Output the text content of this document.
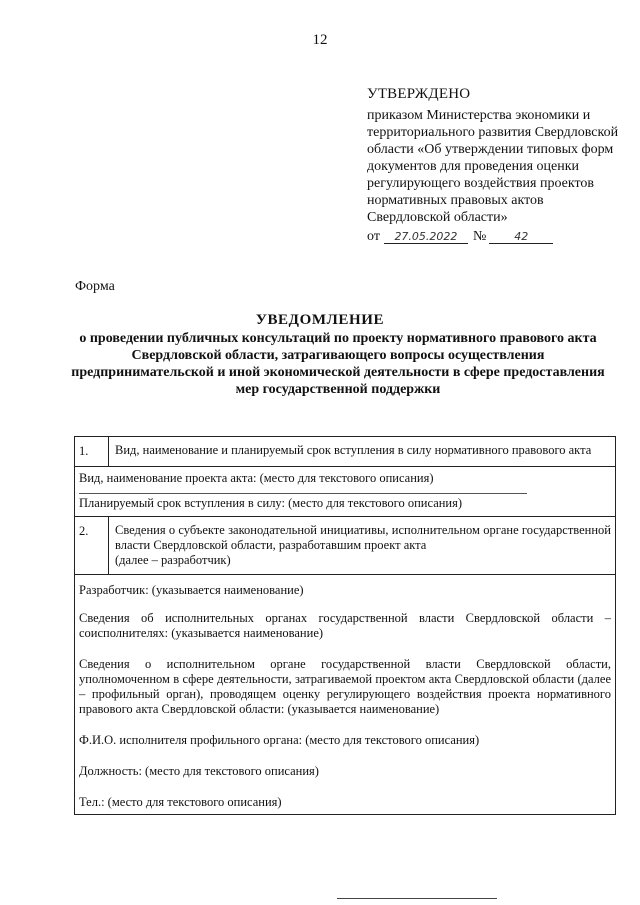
12
УТВЕРЖДЕНО
приказом Министерства экономики и территориального развития Свердловской области «Об утверждении типовых форм документов для проведения оценки регулирующего воздействия проектов нормативных правовых актов Свердловской области»
от	27.05.2022	№	42
Форма
УВЕДОМЛЕНИЕ
о проведении публичных консультаций по проекту нормативного правового акта Свердловской области, затрагивающего вопросы осуществления предпринимательской и иной экономической деятельности в сфере предоставления мер государственной поддержки
1.	Вид, наименование и планируемый срок вступления в силу нормативного правового акта
Вид, наименование проекта акта: (место для текстового описания)
Планируемый срок вступления в силу: (место для текстового описания)
2.	Сведения о субъекте законодательной инициативы, исполнительном органе государственной власти Свердловской области, разработавшим проект акта
(далее – разработчик)
Разработчик: (указывается наименование)
Сведения об исполнительных органах государственной власти Свердловской области – соисполнителях: (указывается наименование)
Сведения о исполнительном органе государственной власти Свердловской области, уполномоченном в сфере деятельности, затрагиваемой проектом акта Свердловской области (далее – профильный орган), проводящем оценку регулирующего воздействия проекта нормативного правового акта Свердловской области: (указывается наименование)
Ф.И.О. исполнителя профильного органа: (место для текстового описания)
Должность: (место для текстового описания)
Тел.: (место для текстового описания)
